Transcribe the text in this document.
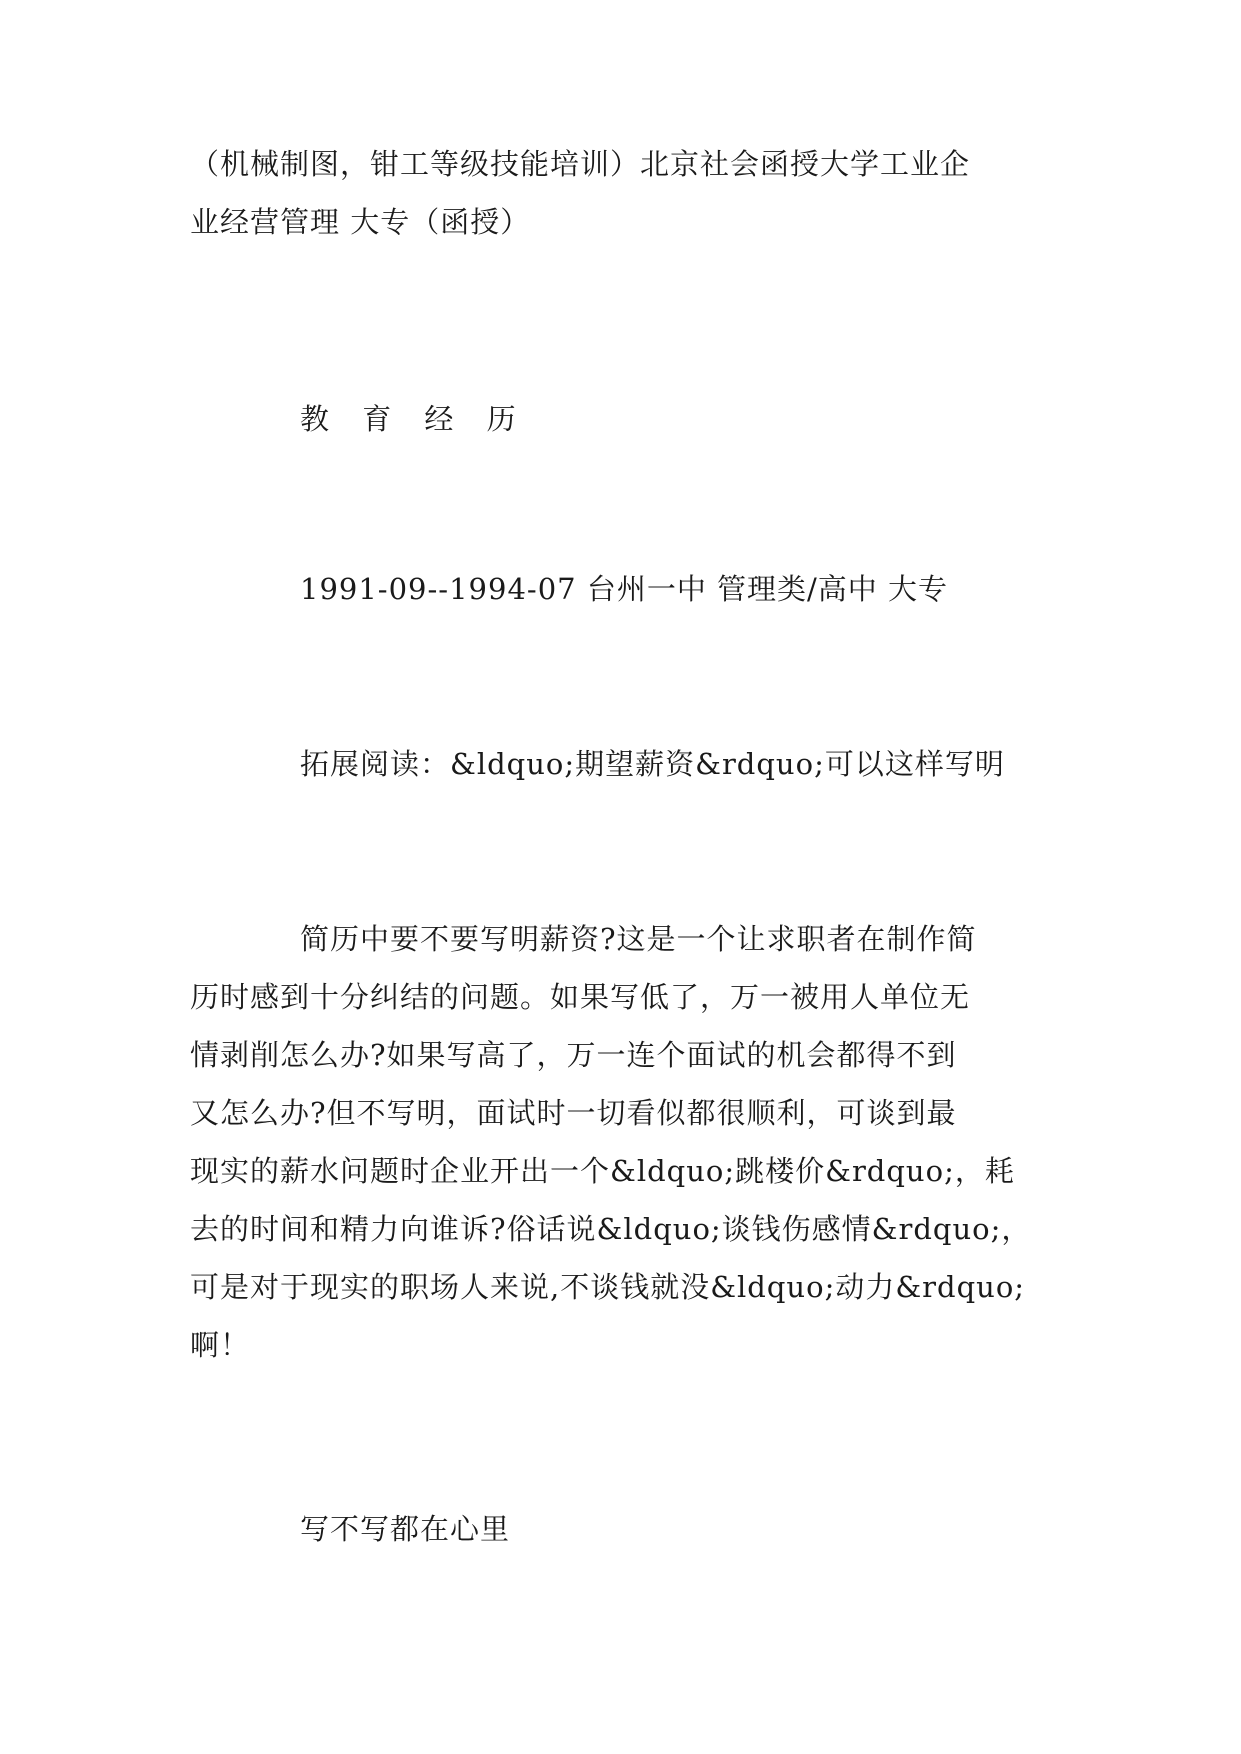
（机械制图，钳工等级技能培训）北京社会函授大学工业企
业经营管理 大专（函授）

教 育 经 历

1991-09--1994-07 台州一中 管理类/高中 大专

拓展阅读：&ldquo;期望薪资&rdquo;可以这样写明

简历中要不要写明薪资?这是一个让求职者在制作简
历时感到十分纠结的问题。如果写低了，万一被用人单位无
情剥削怎么办?如果写高了，万一连个面试的机会都得不到
又怎么办?但不写明，面试时一切看似都很顺利，可谈到最
现实的薪水问题时企业开出一个&ldquo;跳楼价&rdquo;，耗
去的时间和精力向谁诉?俗话说&ldquo;谈钱伤感情&rdquo;，
可是对于现实的职场人来说,不谈钱就没&ldquo;动力&rdquo;
啊！

写不写都在心里
